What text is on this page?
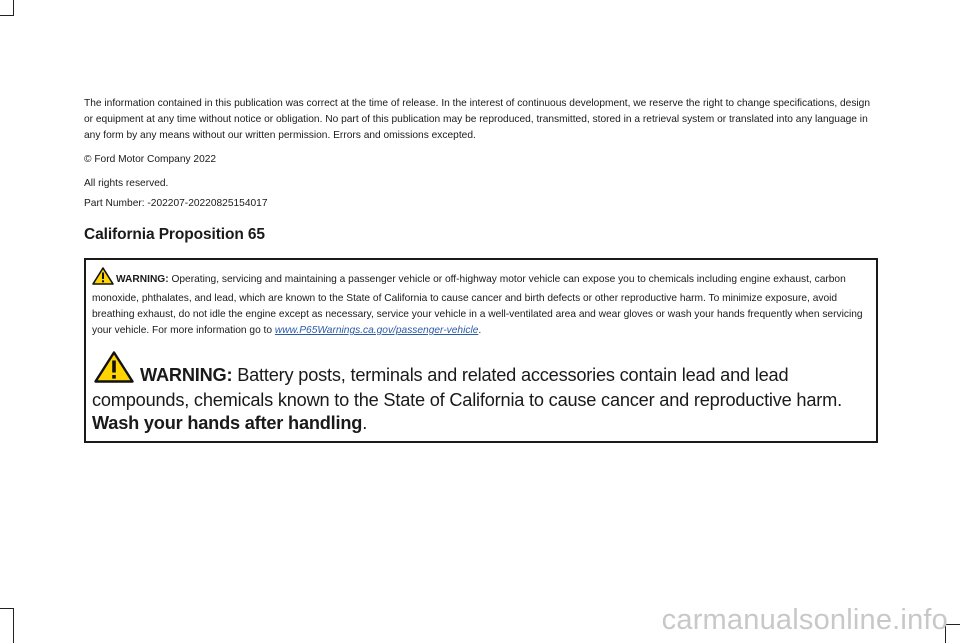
The information contained in this publication was correct at the time of release. In the interest of continuous development, we reserve the right to change specifications, design or equipment at any time without notice or obligation. No part of this publication may be reproduced, transmitted, stored in a retrieval system or translated into any language in any form by any means without our written permission. Errors and omissions excepted.

© Ford Motor Company 2022

All rights reserved.

Part Number: -202207-20220825154017

California Proposition 65

WARNING: Operating, servicing and maintaining a passenger vehicle or off-highway motor vehicle can expose you to chemicals including engine exhaust, carbon monoxide, phthalates, and lead, which are known to the State of California to cause cancer and birth defects or other reproductive harm. To minimize exposure, avoid breathing exhaust, do not idle the engine except as necessary, service your vehicle in a well-ventilated area and wear gloves or wash your hands frequently when servicing your vehicle. For more information go to www.P65Warnings.ca.gov/passenger-vehicle.

WARNING: Battery posts, terminals and related accessories contain lead and lead compounds, chemicals known to the State of California to cause cancer and reproductive harm. Wash your hands after handling.

carmanualsonline.info
